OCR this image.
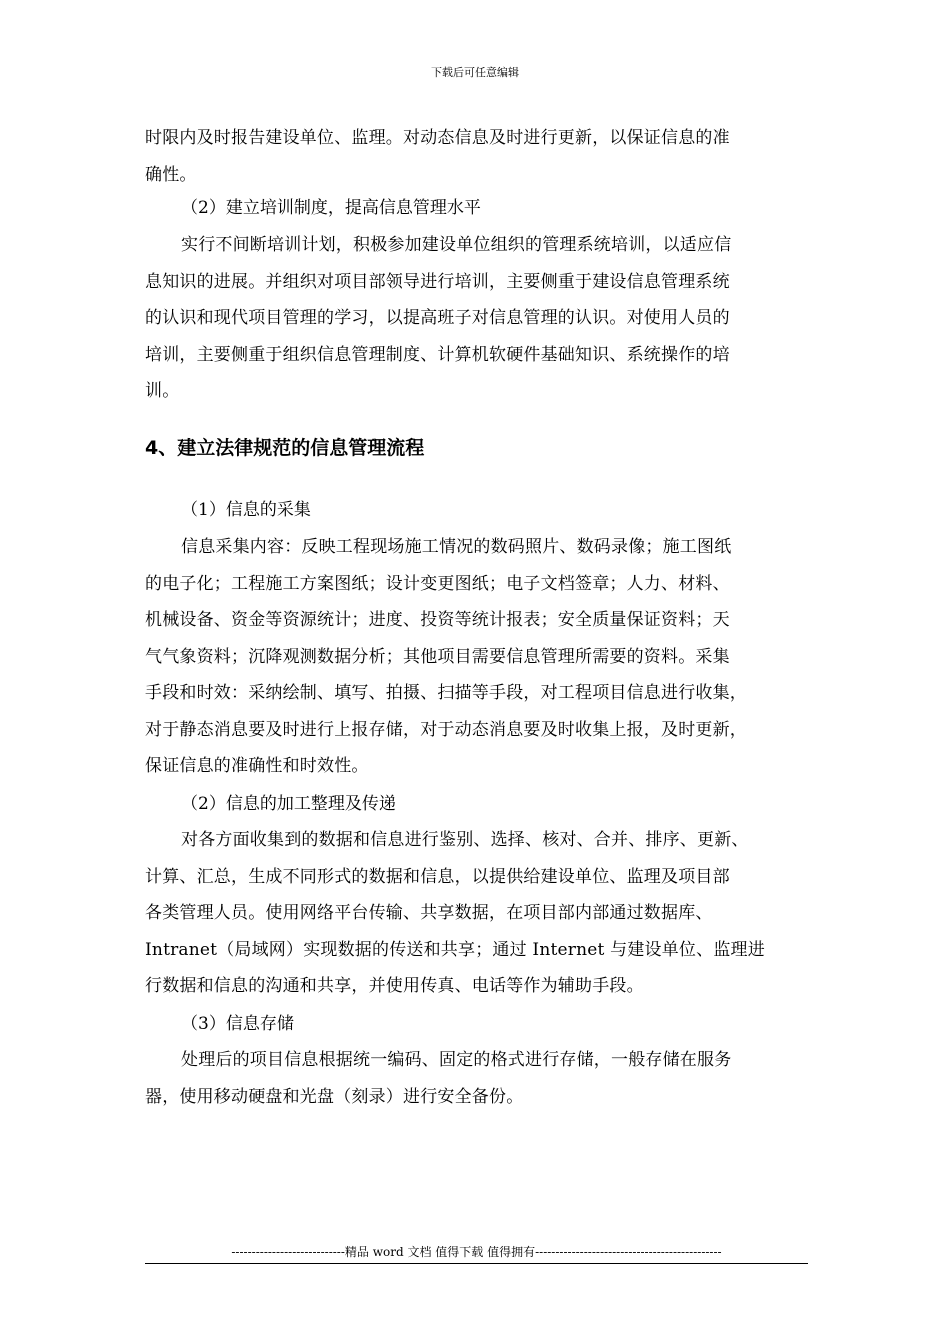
下载后可任意编辑
时限内及时报告建设单位、监理。对动态信息及时进行更新，以保证信息的准
确性。
（2）建立培训制度，提高信息管理水平
实行不间断培训计划，积极参加建设单位组织的管理系统培训，以适应信
息知识的进展。并组织对项目部领导进行培训，主要侧重于建设信息管理系统
的认识和现代项目管理的学习，以提高班子对信息管理的认识。对使用人员的
培训，主要侧重于组织信息管理制度、计算机软硬件基础知识、系统操作的培
训。
4、建立法律规范的信息管理流程
（1）信息的采集
信息采集内容：反映工程现场施工情况的数码照片、数码录像；施工图纸
的电子化；工程施工方案图纸；设计变更图纸；电子文档签章；人力、材料、
机械设备、资金等资源统计；进度、投资等统计报表；安全质量保证资料；天
气气象资料；沉降观测数据分析；其他项目需要信息管理所需要的资料。采集
手段和时效：采纳绘制、填写、拍摄、扫描等手段，对工程项目信息进行收集，
对于静态消息要及时进行上报存储，对于动态消息要及时收集上报，及时更新，
保证信息的准确性和时效性。
（2）信息的加工整理及传递
对各方面收集到的数据和信息进行鉴别、选择、核对、合并、排序、更新、
计算、汇总，生成不同形式的数据和信息，以提供给建设单位、监理及项目部
各类管理人员。使用网络平台传输、共享数据，在项目部内部通过数据库、
Intranet（局域网）实现数据的传送和共享；通过 Internet 与建设单位、监理进
行数据和信息的沟通和共享，并使用传真、电话等作为辅助手段。
（3）信息存储
处理后的项目信息根据统一编码、固定的格式进行存储，一般存储在服务
器，使用移动硬盘和光盘（刻录）进行安全备份。
----------------------------精品 word 文档 值得下载 值得拥有----------------------------------------------
